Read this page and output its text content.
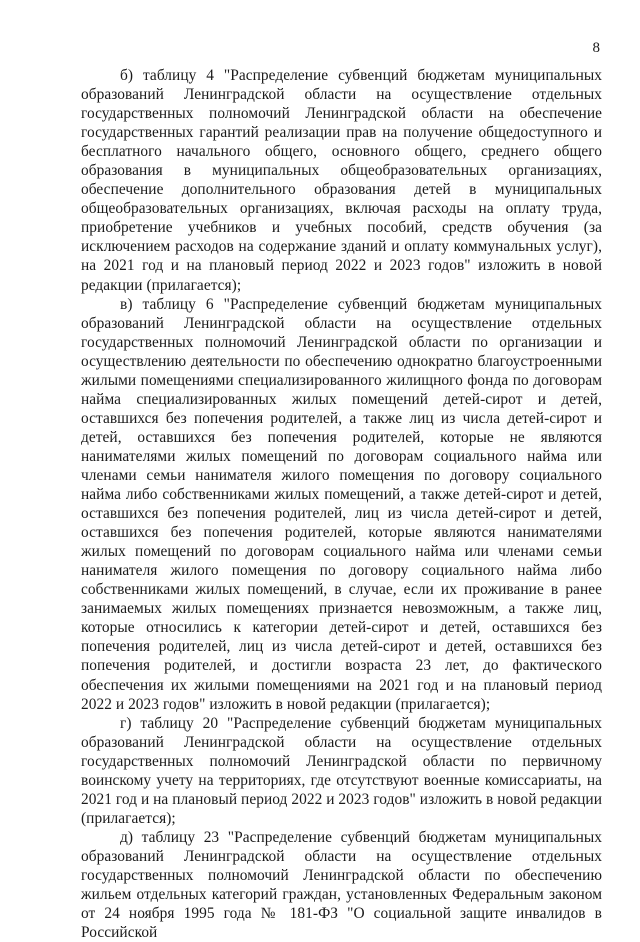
8

б) таблицу 4 "Распределение субвенций бюджетам муниципальных образований Ленинградской области на осуществление отдельных государственных полномочий Ленинградской области на обеспечение государственных гарантий реализации прав на получение общедоступного и бесплатного начального общего, основного общего, среднего общего образования в муниципальных общеобразовательных организациях, обеспечение дополнительного образования детей в муниципальных общеобразовательных организациях, включая расходы на оплату труда, приобретение учебников и учебных пособий, средств обучения (за исключением расходов на содержание зданий и оплату коммунальных услуг), на 2021 год и на плановый период 2022 и 2023 годов" изложить в новой редакции (прилагается);

в) таблицу 6 "Распределение субвенций бюджетам муниципальных образований Ленинградской области на осуществление отдельных государственных полномочий Ленинградской области по организации и осуществлению деятельности по обеспечению однократно благоустроенными жилыми помещениями специализированного жилищного фонда по договорам найма специализированных жилых помещений детей-сирот и детей, оставшихся без попечения родителей, а также лиц из числа детей-сирот и детей, оставшихся без попечения родителей, которые не являются нанимателями жилых помещений по договорам социального найма или членами семьи нанимателя жилого помещения по договору социального найма либо собственниками жилых помещений, а также детей-сирот и детей, оставшихся без попечения родителей, лиц из числа детей-сирот и детей, оставшихся без попечения родителей, которые являются нанимателями жилых помещений по договорам социального найма или членами семьи нанимателя жилого помещения по договору социального найма либо собственниками жилых помещений, в случае, если их проживание в ранее занимаемых жилых помещениях признается невозможным, а также лиц, которые относились к категории детей-сирот и детей, оставшихся без попечения родителей, лиц из числа детей-сирот и детей, оставшихся без попечения родителей, и достигли возраста 23 лет, до фактического обеспечения их жилыми помещениями на 2021 год и на плановый период 2022 и 2023 годов" изложить в новой редакции (прилагается);

г) таблицу 20 "Распределение субвенций бюджетам муниципальных образований Ленинградской области на осуществление отдельных государственных полномочий Ленинградской области по первичному воинскому учету на территориях, где отсутствуют военные комиссариаты, на 2021 год и на плановый период 2022 и 2023 годов" изложить в новой редакции (прилагается);

д) таблицу 23 "Распределение субвенций бюджетам муниципальных образований Ленинградской области на осуществление отдельных государственных полномочий Ленинградской области по обеспечению жильем отдельных категорий граждан, установленных Федеральным законом от 24 ноября 1995 года № 181-ФЗ "О социальной защите инвалидов в Российской
